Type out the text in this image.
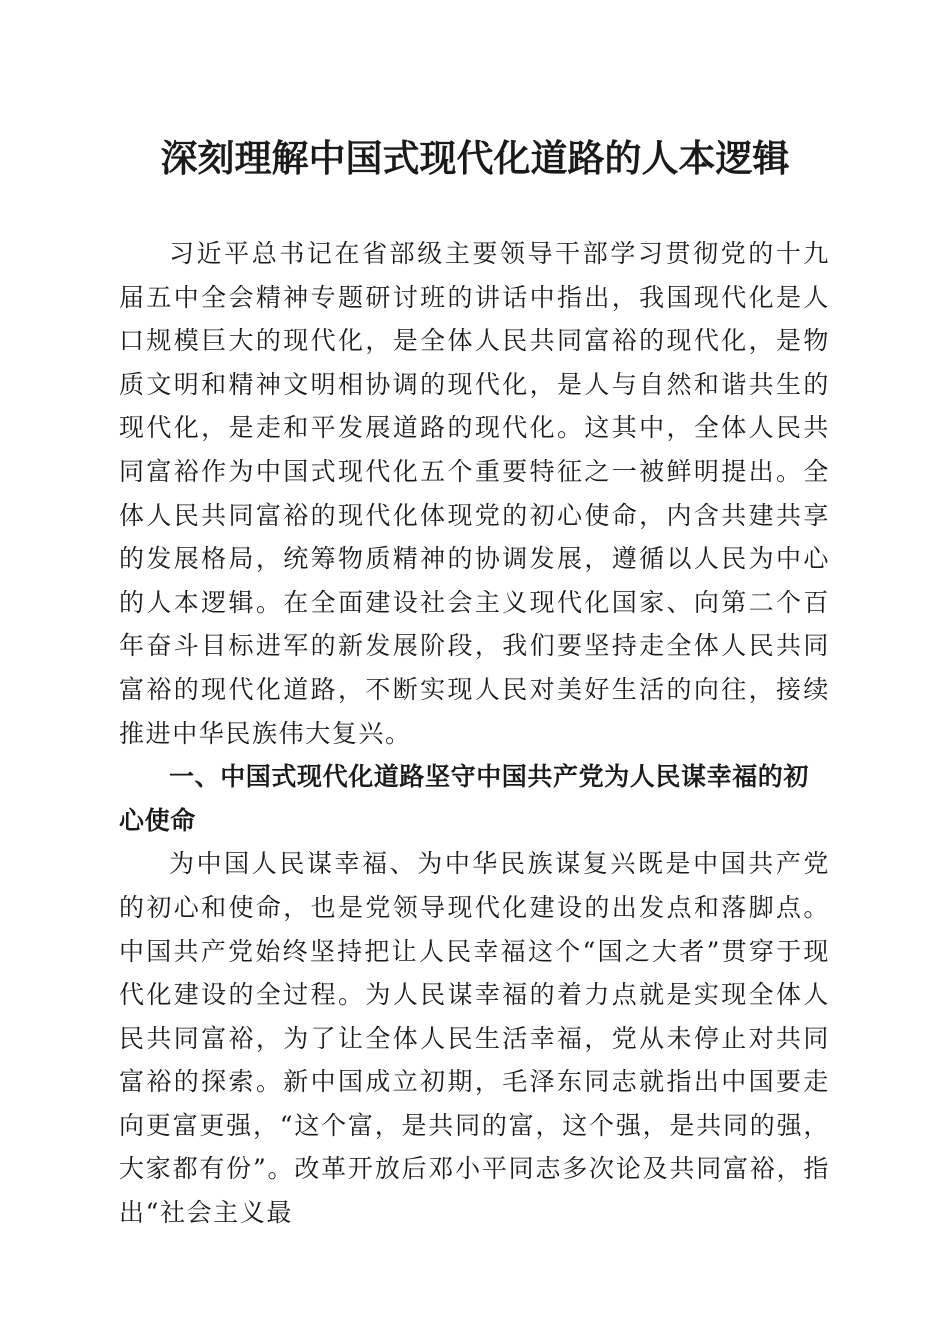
深刻理解中国式现代化道路的人本逻辑

习近平总书记在省部级主要领导干部学习贯彻党的十九届五中全会精神专题研讨班的讲话中指出，我国现代化是人口规模巨大的现代化，是全体人民共同富裕的现代化，是物质文明和精神文明相协调的现代化，是人与自然和谐共生的现代化，是走和平发展道路的现代化。这其中，全体人民共同富裕作为中国式现代化五个重要特征之一被鲜明提出。全体人民共同富裕的现代化体现党的初心使命，内含共建共享的发展格局，统筹物质精神的协调发展，遵循以人民为中心的人本逻辑。在全面建设社会主义现代化国家、向第二个百年奋斗目标进军的新发展阶段，我们要坚持走全体人民共同富裕的现代化道路，不断实现人民对美好生活的向往，接续推进中华民族伟大复兴。

一、中国式现代化道路坚守中国共产党为人民谋幸福的初心使命

为中国人民谋幸福、为中华民族谋复兴既是中国共产党的初心和使命，也是党领导现代化建设的出发点和落脚点。中国共产党始终坚持把让人民幸福这个“国之大者”贯穿于现代化建设的全过程。为人民谋幸福的着力点就是实现全体人民共同富裕，为了让全体人民生活幸福，党从未停止对共同富裕的探索。新中国成立初期，毛泽东同志就指出中国要走向更富更强，“这个富，是共同的富，这个强，是共同的强，大家都有份”。改革开放后邓小平同志多次论及共同富裕，指出“社会主义最
